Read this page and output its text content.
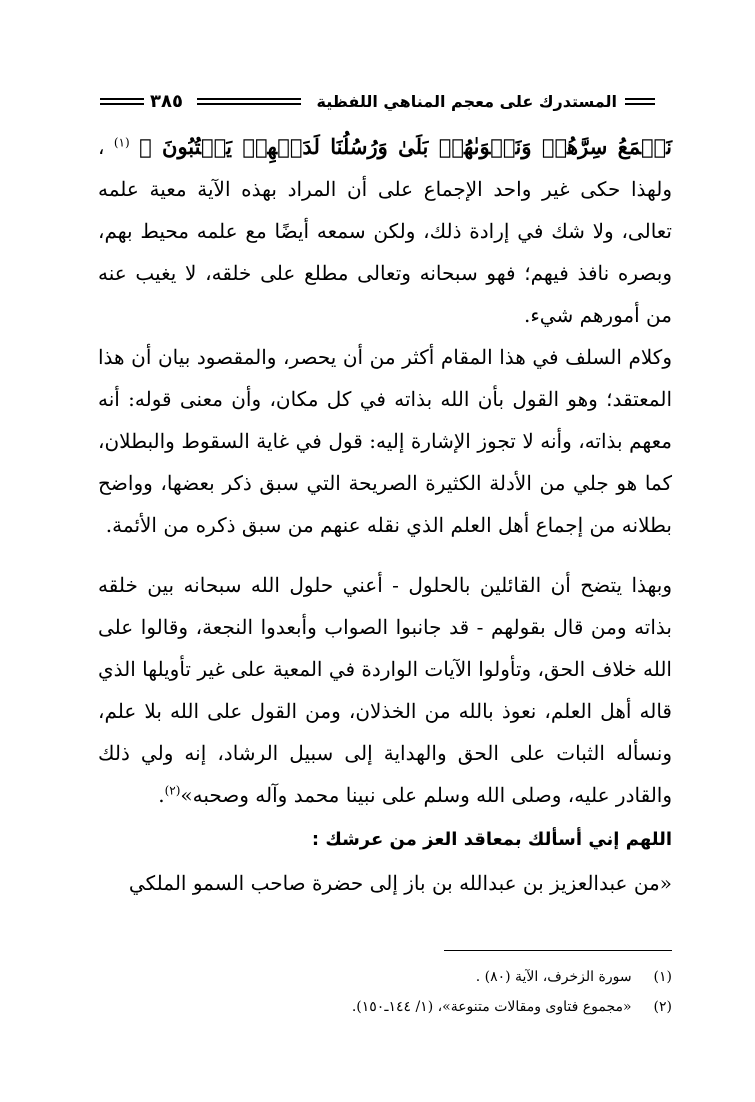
المستدرك على معجم المناهي اللفظية
٣٨٥

نَسۡمَعُ سِرَّهُمۡ وَنَجۡوَىٰهُمۚ بَلَىٰ وَرُسُلُنَا لَدَيۡهِمۡ يَكۡتُبُونَ ﴾ $^{(١)}$ ، ولهذا حكى غير واحد الإجماع على أن المراد بهذه الآية معية علمه تعالى، ولا شك في إرادة ذلك، ولكن سمعه أيضًا مع علمه محيط بهم، وبصره نافذ فيهم؛ فهو سبحانه وتعالى مطلع على خلقه، لا يغيب عنه من أمورهم شيء.

وكلام السلف في هذا المقام أكثر من أن يحصر، والمقصود بيان أن هذا المعتقد؛ وهو القول بأن الله بذاته في كل مكان، وأن معنى قوله: أنه معهم بذاته، وأنه لا تجوز الإشارة إليه: قول في غاية السقوط والبطلان، كما هو جلي من الأدلة الكثيرة الصريحة التي سبق ذكر بعضها، وواضح بطلانه من إجماع أهل العلم الذي نقله عنهم من سبق ذكره من الأئمة.

وبهذا يتضح أن القائلين بالحلول - أعني حلول الله سبحانه بين خلقه بذاته ومن قال بقولهم - قد جانبوا الصواب وأبعدوا النجعة، وقالوا على الله خلاف الحق، وتأولوا الآيات الواردة في المعية على غير تأويلها الذي قاله أهل العلم، نعوذ بالله من الخذلان، ومن القول على الله بلا علم، ونسأله الثبات على الحق والهداية إلى سبيل الرشاد، إنه ولي ذلك والقادر عليه، وصلى الله وسلم على نبينا محمد وآله وصحبه»$^{(٢)}$.

اللهم إني أسألك بمعاقد العز من عرشك :

«من عبدالعزيز بن عبدالله بن باز إلى حضرة صاحب السمو الملكي

(١) سورة الزخرف، الآية (٨٠) .
(٢) «مجموع فتاوى ومقالات متنوعة»، (١/ ١٤٤ـ١٥٠).
